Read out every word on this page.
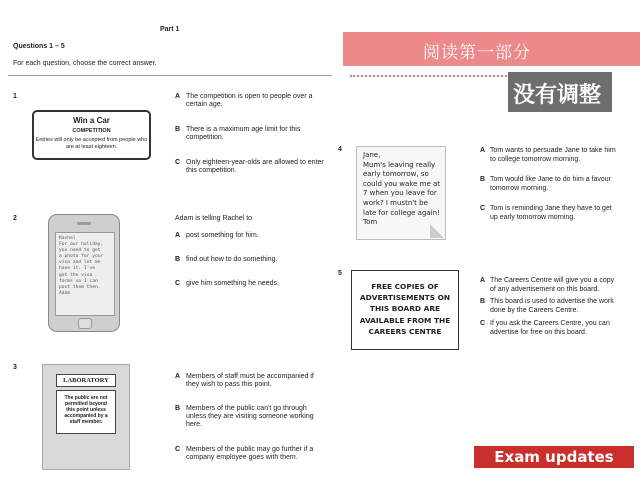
Part 1
Questions 1 – 5
For each question, choose the correct answer.
1
Win a Car
COMPETITION
Entries will only be accepted from people who are at least eighteen.
A The competition is open to people over a certain age.
B There is a maximum age limit for this competition.
C Only eighteen-year-olds are allowed to enter this competition.
2
Rachel
For our holiday,
you need to get
a photo for your
visa and let me
have it. I've
got the visa
forms so I can
post them then.
Adam
Adam is telling Rachel to
A post something for him.
B find out how to do something.
C give him something he needs.
3
LABORATORY
The public are not
permitted beyond
this point unless
accompanied by a
staff member.
A Members of staff must be accompanied if they wish to pass this point.
B Members of the public can't go through unless they are visiting someone working here.
C Members of the public may go further if a company employee goes with them.
阅读第一部分
没有调整
4
Jane,
Mum's leaving really
early tomorrow, so
could you wake me at
7 when you leave for
work? I mustn't be
late for college again!
Tom
A Tom wants to persuade Jane to take him to college tomorrow morning.
B Tom would like Jane to do him a favour tomorrow morning.
C Tom is reminding Jane they have to get up early tomorrow morning.
5
FREE COPIES OF
ADVERTISEMENTS ON
THIS BOARD ARE
AVAILABLE FROM THE
CAREERS CENTRE
A The Careers Centre will give you a copy of any advertisement on this board.
B This board is used to advertise the work done by the Careers Centre.
C If you ask the Careers Centre, you can advertise for free on this board.
Exam updates 2020
